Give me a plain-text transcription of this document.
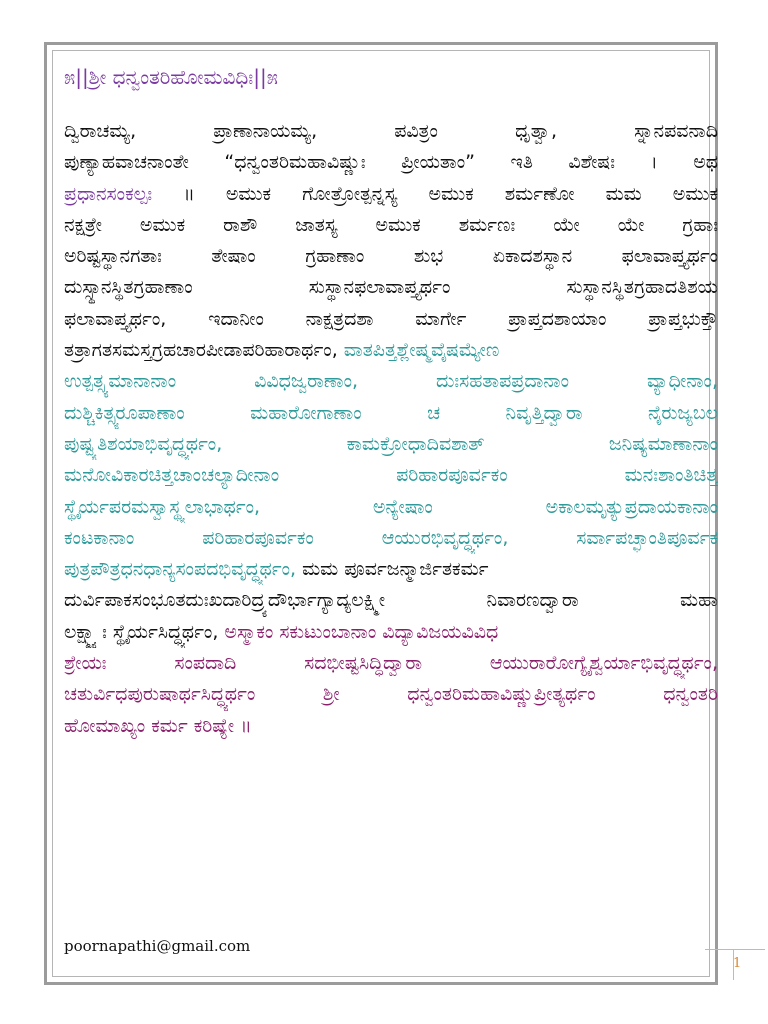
೫||ಶ್ರೀ ಧನ್ವಂತರಿಹೋಮವಿಧಿಃ||೫
ದ್ವಿರಾಚಮ್ಯ, ಪ್ರಾಣಾನಾಯಮ್ಯ, ಪವಿತ್ರಂ ಧೃತ್ವಾ, ಸ್ನಾನಪವನಾದಿ
ಪುಣ್ಯಾಹವಾಚನಾಂತೇ “ಧನ್ವಂತರಿಮಹಾವಿಷ್ಣುಃ ಪ್ರೀಯತಾಂ” ಇತಿ ವಿಶೇಷಃ । ಅಥ
ಪ್ರಧಾನಸಂಕಲ್ಪಃ ॥ ಅಮುಕ ಗೋತ್ರೋತ್ಪನ್ನಸ್ಯ ಅಮುಕ ಶರ್ಮಣೋ ಮಮ ಅಮುಕ
ನಕ್ಷತ್ರೇ ಅಮುಕ ರಾಶೌ ಜಾತಸ್ಯ ಅಮುಕ ಶರ್ಮಣಃ ಯೇ ಯೇ ಗ್ರಹಾಃ
ಅರಿಷ್ಟಸ್ಥಾನಗತಾಃ ತೇಷಾಂ ಗ್ರಹಾಣಾಂ ಶುಭ ಏಕಾದಶಸ್ಥಾನ ಫಲಾವಾಪ್ತ್ಯರ್ಥಂ
ದುಸ್ಸ್ಥಾನಸ್ಥಿತಗ್ರಹಾಣಾಂ ಸುಸ್ಥಾನಫಲಾವಾಪ್ತ್ಯರ್ಥಂ ಸುಸ್ಥಾನಸ್ಥಿತಗ್ರಹಾದತಿಶಯ
ಫಲಾವಾಪ್ತ್ಯರ್ಥಂ, ಇದಾನೀಂ ನಾಕ್ಷತ್ರದಶಾ ಮಾರ್ಗೇ ಪ್ರಾಪ್ತದಶಾಯಾಂ ಪ್ರಾಪ್ತಭುಕ್ತೌ
ತತ್ರಾಗತಸಮಸ್ತಗ್ರಹಚಾರಪೀಡಾಪರಿಹಾರಾರ್ಥಂ, ವಾತಪಿತ್ತಶ್ಲೇಷ್ಮವೈಷಮ್ಯೇಣ
ಉತ್ಪತ್ಸ್ಯಮಾನಾನಾಂ ವಿವಿಧಜ್ವರಾಣಾಂ, ದುಃಸಹತಾಪಪ್ರದಾನಾಂ ವ್ಯಾಧೀನಾಂ,
ದುಶ್ಚಿಕಿತ್ಸ್ಯರೂಪಾಣಾಂ ಮಹಾರೋಗಾಣಾಂ ಚ ನಿವೃತ್ತಿದ್ವಾರಾ ನೈರುಜ್ಯಬಲ
ಪುಷ್ಟ್ಯತಿಶಯಾಭಿವೃದ್ಧ್ಯರ್ಥಂ, ಕಾಮಕ್ರೋಧಾದಿವಶಾತ್ ಜನಿಷ್ಯಮಾಣಾನಾಂ
ಮನೋವಿಕಾರಚಿತ್ತಚಾಂಚಲ್ಯಾದೀನಾಂ ಪರಿಹಾರಪೂರ್ವಕಂ ಮನಃಶಾಂತಿಚಿತ್ತ
ಸ್ಥೈರ್ಯಪರಮಸ್ವಾಸ್ಥ್ಯಲಾಭಾರ್ಥಂ, ಅನ್ಯೇಷಾಂ ಅಕಾಲಮೃತ್ಯುಪ್ರದಾಯಕಾನಾಂ
ಕಂಟಕಾನಾಂ ಪರಿಹಾರಪೂರ್ವಕಂ ಆಯುರಭಿವೃದ್ಧ್ಯರ್ಥಂ, ಸರ್ವಾಪಚ್ಛಾಂತಿಪೂರ್ವಕ
ಪುತ್ರಪೌತ್ರಧನಧಾನ್ಯಸಂಪದಭಿವೃದ್ಧ್ಯರ್ಥಂ, ಮಮ ಪೂರ್ವಜನ್ಮಾರ್ಜಿತಕರ್ಮ
ದುರ್ವಿಪಾಕಸಂಭೂತದುಃಖದಾರಿದ್ರ್ಯದೌರ್ಭಾಗ್ಯಾದ್ಯಲಕ್ಷ್ಮೀ ನಿವಾರಣದ್ವಾರಾ ಮಹಾ
ಲಕ್ಷ್ಮ್ಯಾಃ ಸ್ಥೈರ್ಯಸಿದ್ಧ್ಯರ್ಥಂ, ಅಸ್ಮಾಕಂ ಸಕುಟುಂಬಾನಾಂ ವಿದ್ಯಾವಿಜಯವಿವಿಧ
ಶ್ರೇಯಃ ಸಂಪದಾದಿ ಸದಭೀಷ್ಟಸಿದ್ಧಿದ್ವಾರಾ ಆಯುರಾರೋಗ್ಯೈಶ್ವರ್ಯಾಭಿವೃದ್ಧ್ಯರ್ಥಂ,
ಚತುರ್ವಿಧಪುರುಷಾರ್ಥಸಿದ್ಧ್ಯರ್ಥಂ ಶ್ರೀ ಧನ್ವಂತರಿಮಹಾವಿಷ್ಣುಪ್ರೀತ್ಯರ್ಥಂ ಧನ್ವಂತರಿ
ಹೋಮಾಖ್ಯಂ ಕರ್ಮ ಕರಿಷ್ಯೇ ॥
poornapathi@gmail.com
1
